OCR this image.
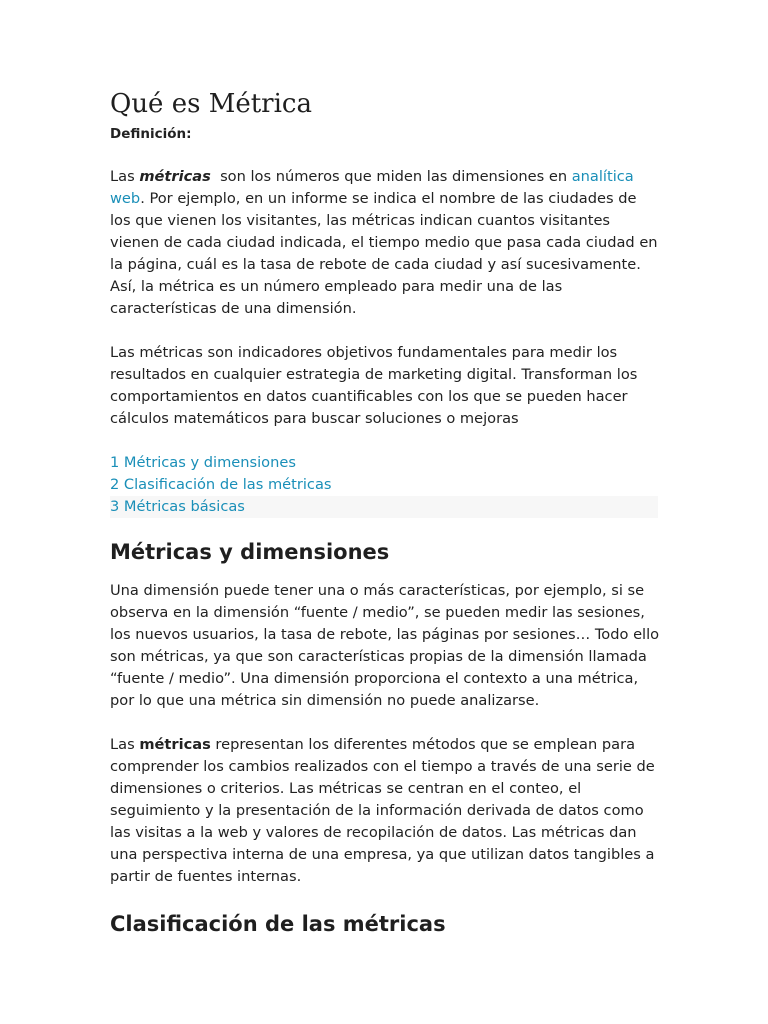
Qué es Métrica
Definición:

Las métricas  son los números que miden las dimensiones en analítica web. Por ejemplo, en un informe se indica el nombre de las ciudades de los que vienen los visitantes, las métricas indican cuantos visitantes vienen de cada ciudad indicada, el tiempo medio que pasa cada ciudad en la página, cuál es la tasa de rebote de cada ciudad y así sucesivamente. Así, la métrica es un número empleado para medir una de las características de una dimensión.

Las métricas son indicadores objetivos fundamentales para medir los resultados en cualquier estrategia de marketing digital. Transforman los comportamientos en datos cuantificables con los que se pueden hacer cálculos matemáticos para buscar soluciones o mejoras

1 Métricas y dimensiones
2 Clasificación de las métricas
3 Métricas básicas
Métricas y dimensiones

Una dimensión puede tener una o más características, por ejemplo, si se observa en la dimensión “fuente / medio”, se pueden medir las sesiones, los nuevos usuarios, la tasa de rebote, las páginas por sesiones… Todo ello son métricas, ya que son características propias de la dimensión llamada “fuente / medio”. Una dimensión proporciona el contexto a una métrica, por lo que una métrica sin dimensión no puede analizarse.

Las métricas representan los diferentes métodos que se emplean para comprender los cambios realizados con el tiempo a través de una serie de dimensiones o criterios. Las métricas se centran en el conteo, el seguimiento y la presentación de la información derivada de datos como las visitas a la web y valores de recopilación de datos. Las métricas dan una perspectiva interna de una empresa, ya que utilizan datos tangibles a partir de fuentes internas.

Clasificación de las métricas
